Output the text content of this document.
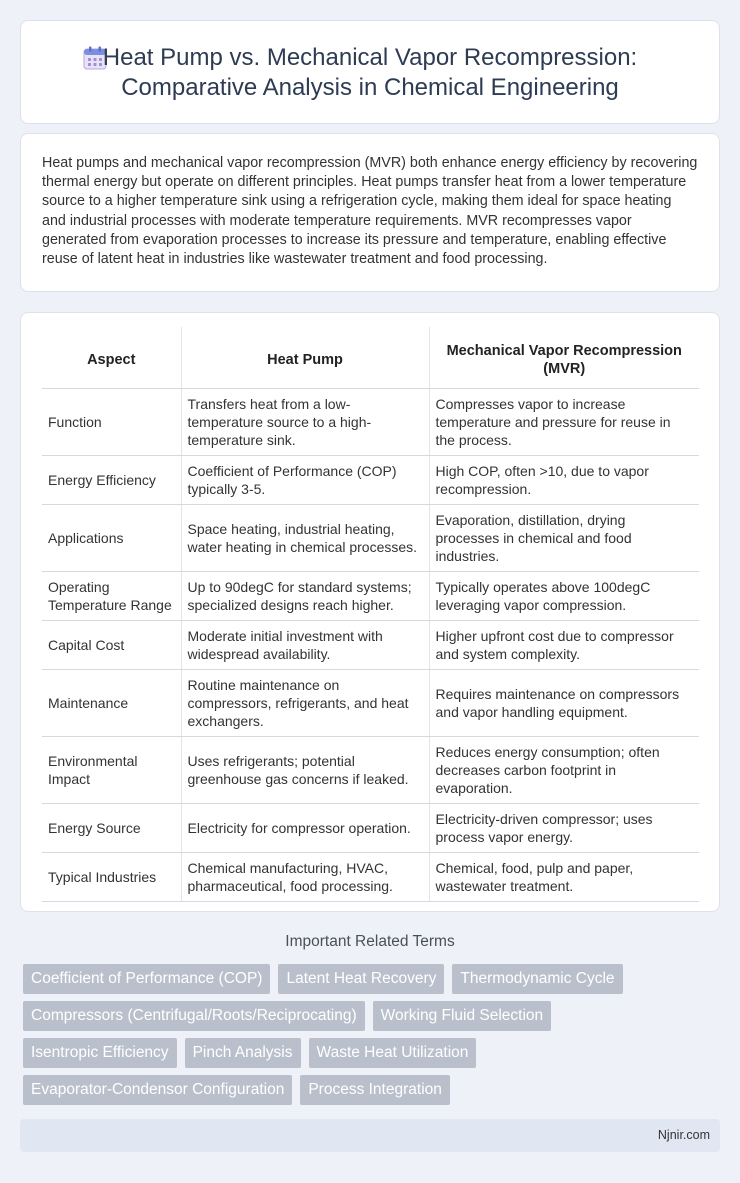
Heat Pump vs. Mechanical Vapor Recompression:
Comparative Analysis in Chemical Engineering

Heat pumps and mechanical vapor recompression (MVR) both enhance energy efficiency by recovering thermal energy but operate on different principles. Heat pumps transfer heat from a lower temperature source to a higher temperature sink using a refrigeration cycle, making them ideal for space heating and industrial processes with moderate temperature requirements. MVR recompresses vapor generated from evaporation processes to increase its pressure and temperature, enabling effective reuse of latent heat in industries like wastewater treatment and food processing.

Aspect	Heat Pump	Mechanical Vapor Recompression (MVR)
Function	Transfers heat from a low-temperature source to a high-temperature sink.	Compresses vapor to increase temperature and pressure for reuse in the process.
Energy Efficiency	Coefficient of Performance (COP) typically 3-5.	High COP, often >10, due to vapor recompression.
Applications	Space heating, industrial heating, water heating in chemical processes.	Evaporation, distillation, drying processes in chemical and food industries.
Operating Temperature Range	Up to 90degC for standard systems; specialized designs reach higher.	Typically operates above 100degC leveraging vapor compression.
Capital Cost	Moderate initial investment with widespread availability.	Higher upfront cost due to compressor and system complexity.
Maintenance	Routine maintenance on compressors, refrigerants, and heat exchangers.	Requires maintenance on compressors and vapor handling equipment.
Environmental Impact	Uses refrigerants; potential greenhouse gas concerns if leaked.	Reduces energy consumption; often decreases carbon footprint in evaporation.
Energy Source	Electricity for compressor operation.	Electricity-driven compressor; uses process vapor energy.
Typical Industries	Chemical manufacturing, HVAC, pharmaceutical, food processing.	Chemical, food, pulp and paper, wastewater treatment.
Important Related Terms
Coefficient of Performance (COP)	Latent Heat Recovery	Thermodynamic Cycle
Compressors (Centrifugal/Roots/Reciprocating)	Working Fluid Selection
Isentropic Efficiency	Pinch Analysis	Waste Heat Utilization
Evaporator-Condensor Configuration	Process Integration
Njnir.com
